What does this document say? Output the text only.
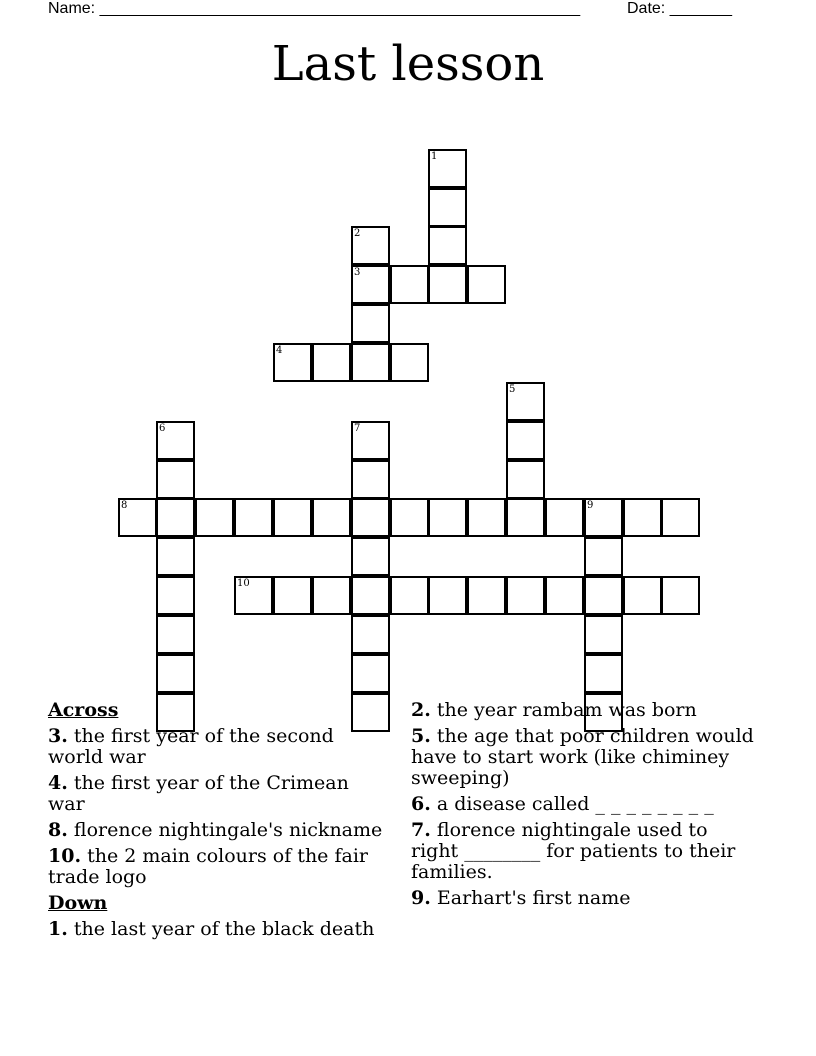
Name: ______________________________________________________	Date: _______
Last lesson
1
2
3
4
5
6	7
8	9
10
Across
3. the first year of the second world war
4. the first year of the Crimean war
8. florence nightingale's nickname
10. the 2 main colours of the fair trade logo
Down
1. the last year of the black death
2. the year rambam was born
5. the age that poor children would have to start work (like chiminey sweeping)
6. a disease called _ _ _ _ _ _ _ _
7. florence nightingale used to right ________ for patients to their families.
9. Earhart's first name
